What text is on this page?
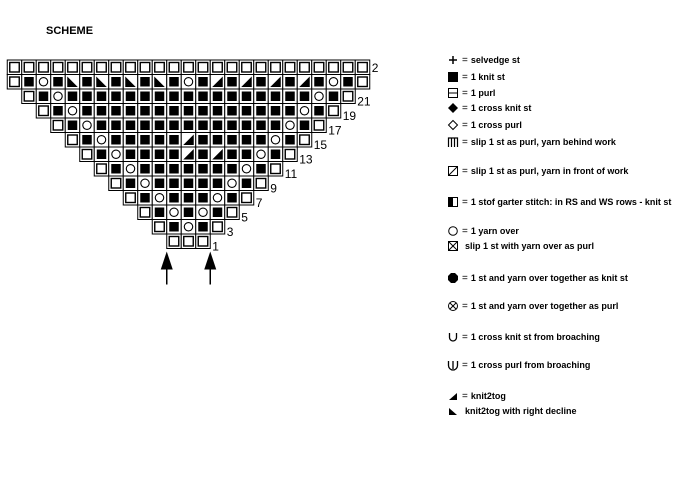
SCHEME
1
3
5
7
9
11
13
15
17
19
21
2
= selvedge st
= 1 knit st
= 1 purl
= 1 cross knit st
= 1 cross purl
= slip 1 st as purl, yarn behind work
= slip 1 st as purl, yarn in front of work
= 1 stof garter stitch: in RS and WS rows - knit st
= 1 yarn over
slip 1 st with yarn over as purl
= 1 st and yarn over together as knit st
= 1 st and yarn over together as purl
= 1 cross knit st from broaching
= 1 cross purl from broaching
= knit2tog
knit2tog with right decline
